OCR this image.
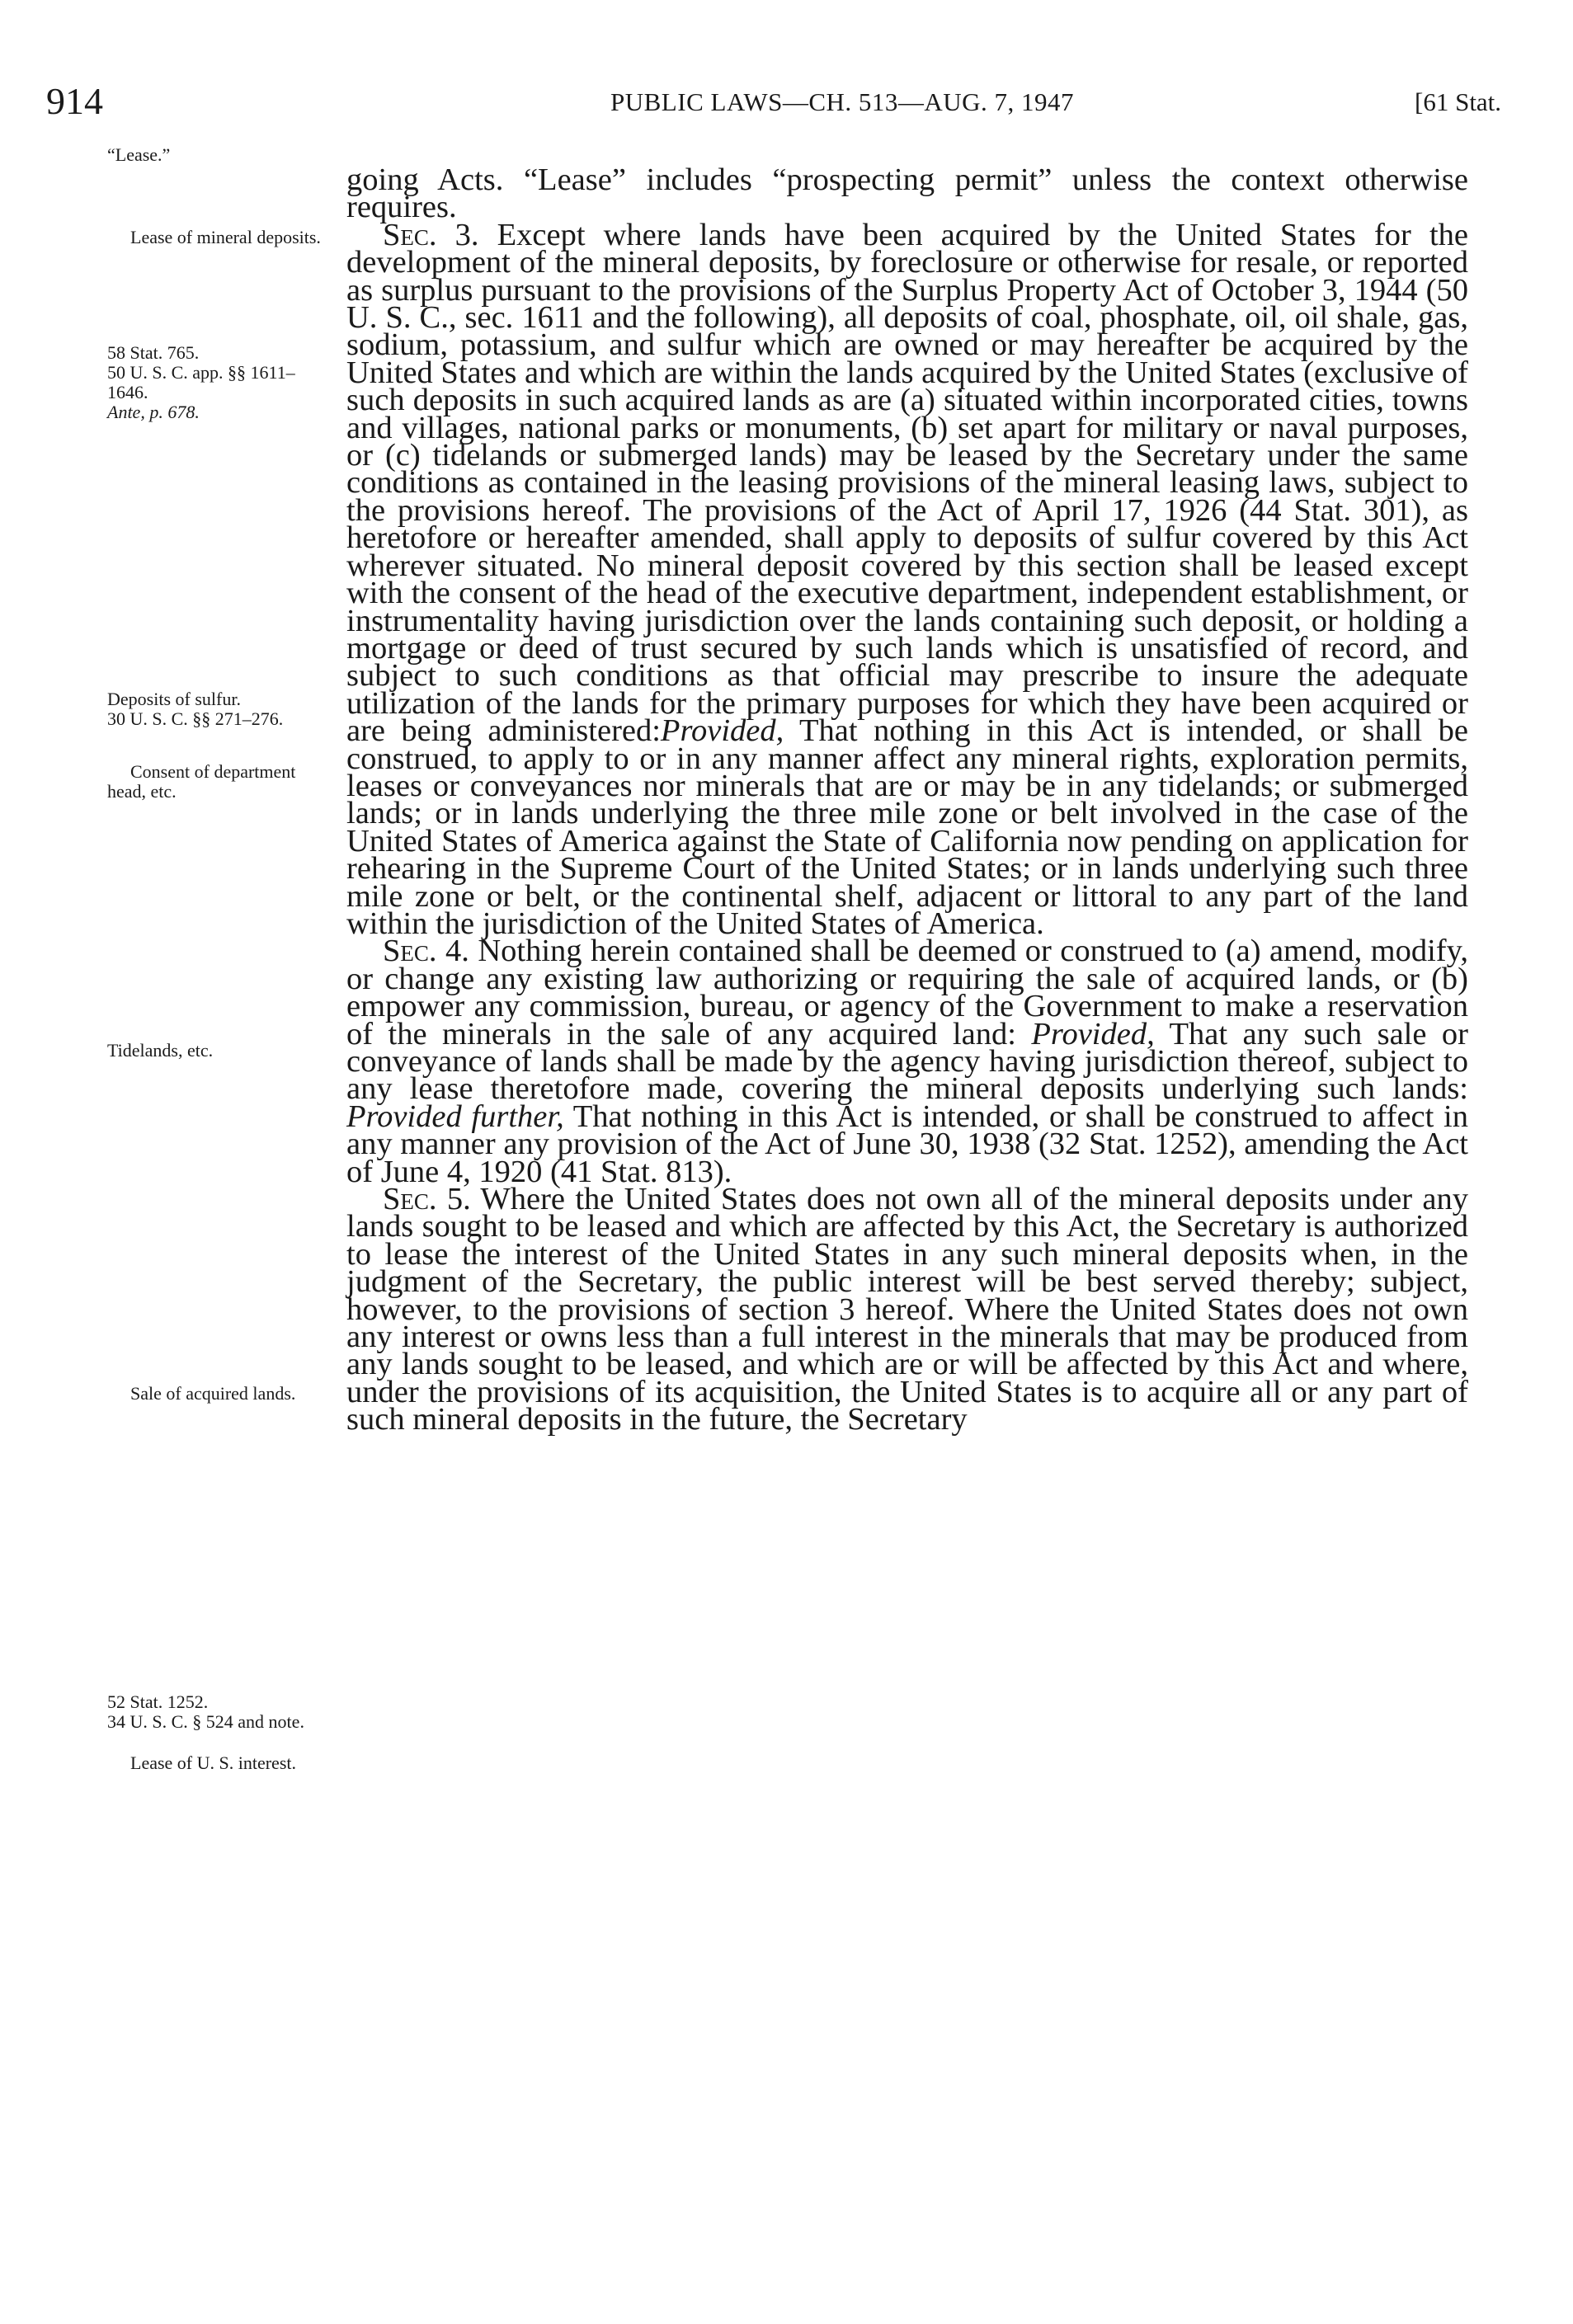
914	PUBLIC LAWS—CH. 513—AUG. 7, 1947	[61 Stat.
“Lease.”
Lease of mineral deposits.
58 Stat. 765.
50 U. S. C. app. §§ 1611–1646.
Ante, p. 678.
Deposits of sulfur.
30 U. S. C. §§ 271–276.
Consent of department head, etc.
Tidelands, etc.
Sale of acquired lands.
52 Stat. 1252.
34 U. S. C. § 524 and note.
Lease of U. S. interest.

going Acts. “Lease” includes “prospecting permit” unless the context otherwise requires.

Sec. 3. Except where lands have been acquired by the United States for the development of the mineral deposits, by foreclosure or otherwise for resale, or reported as surplus pursuant to the provisions of the Surplus Property Act of October 3, 1944 (50 U. S. C., sec. 1611 and the following), all deposits of coal, phosphate, oil, oil shale, gas, sodium, potassium, and sulfur which are owned or may hereafter be acquired by the United States and which are within the lands acquired by the United States (exclusive of such deposits in such acquired lands as are (a) situated within incorporated cities, towns and villages, national parks or monuments, (b) set apart for military or naval purposes, or (c) tidelands or submerged lands) may be leased by the Secretary under the same conditions as contained in the leasing provisions of the mineral leasing laws, subject to the provisions hereof. The provisions of the Act of April 17, 1926 (44 Stat. 301), as heretofore or hereafter amended, shall apply to deposits of sulfur covered by this Act wherever situated. No mineral deposit covered by this section shall be leased except with the consent of the head of the executive department, independent establishment, or instrumentality having jurisdiction over the lands containing such deposit, or holding a mortgage or deed of trust secured by such lands which is unsatisfied of record, and subject to such conditions as that official may prescribe to insure the adequate utilization of the lands for the primary purposes for which they have been acquired or are being administered:Provided, That nothing in this Act is intended, or shall be construed, to apply to or in any manner affect any mineral rights, exploration permits, leases or conveyances nor minerals that are or may be in any tidelands; or submerged lands; or in lands underlying the three mile zone or belt involved in the case of the United States of America against the State of California now pending on application for rehearing in the Supreme Court of the United States; or in lands underlying such three mile zone or belt, or the continental shelf, adjacent or littoral to any part of the land within the jurisdiction of the United States of America.

Sec. 4. Nothing herein contained shall be deemed or construed to (a) amend, modify, or change any existing law authorizing or requiring the sale of acquired lands, or (b) empower any commission, bureau, or agency of the Government to make a reservation of the minerals in the sale of any acquired land: Provided, That any such sale or conveyance of lands shall be made by the agency having jurisdiction thereof, subject to any lease theretofore made, covering the mineral deposits underlying such lands: Provided further, That nothing in this Act is intended, or shall be construed to affect in any manner any provision of the Act of June 30, 1938 (32 Stat. 1252), amending the Act of June 4, 1920 (41 Stat. 813).

Sec. 5. Where the United States does not own all of the mineral deposits under any lands sought to be leased and which are affected by this Act, the Secretary is authorized to lease the interest of the United States in any such mineral deposits when, in the judgment of the Secretary, the public interest will be best served thereby; subject, however, to the provisions of section 3 hereof. Where the United States does not own any interest or owns less than a full interest in the minerals that may be produced from any lands sought to be leased, and which are or will be affected by this Act and where, under the provisions of its acquisition, the United States is to acquire all or any part of such mineral deposits in the future, the Secretary
